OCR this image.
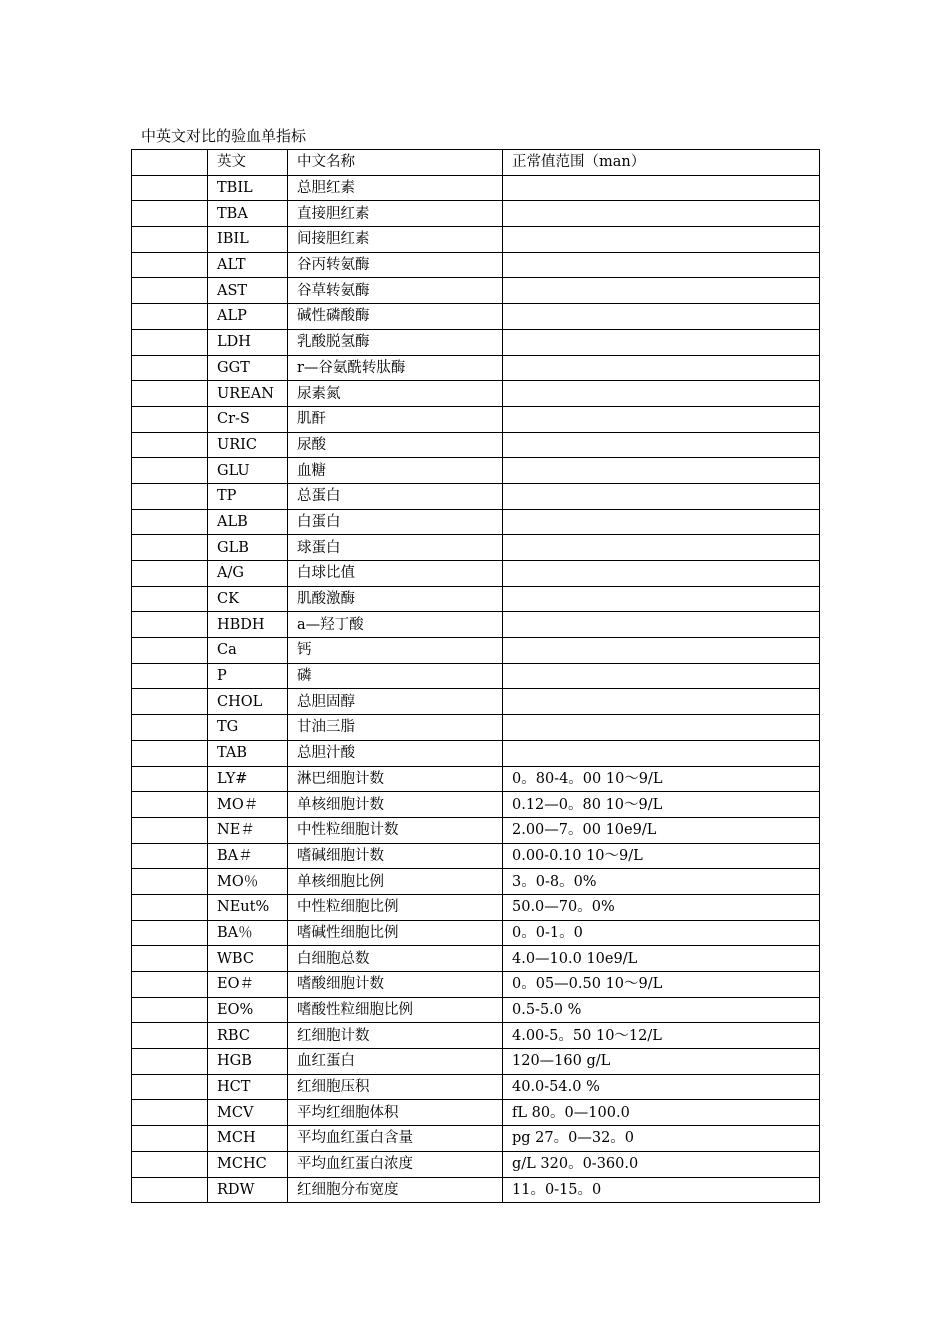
中英文对比的验血单指标
	英文	中文名称	正常值范围（man）
	TBIL	总胆红素	
	TBA	直接胆红素	
	IBIL	间接胆红素	
	ALT	谷丙转氨酶	
	AST	谷草转氨酶	
	ALP	碱性磷酸酶	
	LDH	乳酸脱氢酶	
	GGT	r—谷氨酰转肽酶	
	UREAN	尿素氮	
	Cr-S	肌酐	
	URIC	尿酸	
	GLU	血糖	
	TP	总蛋白	
	ALB	白蛋白	
	GLB	球蛋白	
	A/G	白球比值	
	CK	肌酸激酶	
	HBDH	a—羟丁酸	
	Ca	钙	
	P	磷	
	CHOL	总胆固醇	
	TG	甘油三脂	
	TAB	总胆汁酸	
	LY#	淋巴细胞计数	0。80-4。00 10～9/L
	MO＃	单核细胞计数	0.12—0。80 10～9/L
	NE＃	中性粒细胞计数	2.00—7。00 10e9/L
	BA＃	嗜碱细胞计数	0.00-0.10 10～9/L
	MO％	单核细胞比例	3。0-8。0%
	NEut%	中性粒细胞比例	50.0—70。0%
	BA％	嗜碱性细胞比例	0。0-1。0
	WBC	白细胞总数	4.0—10.0 10e9/L
	EO＃	嗜酸细胞计数	0。05—0.50 10～9/L
	EO%	嗜酸性粒细胞比例	0.5-5.0 %
	RBC	红细胞计数	4.00-5。50 10～12/L
	HGB	血红蛋白	120—160 g/L
	HCT	红细胞压积	40.0-54.0 %
	MCV	平均红细胞体积	fL 80。0—100.0
	MCH	平均血红蛋白含量	pg 27。0—32。0
	MCHC	平均血红蛋白浓度	g/L 320。0-360.0
	RDW	红细胞分布宽度	11。0-15。0
